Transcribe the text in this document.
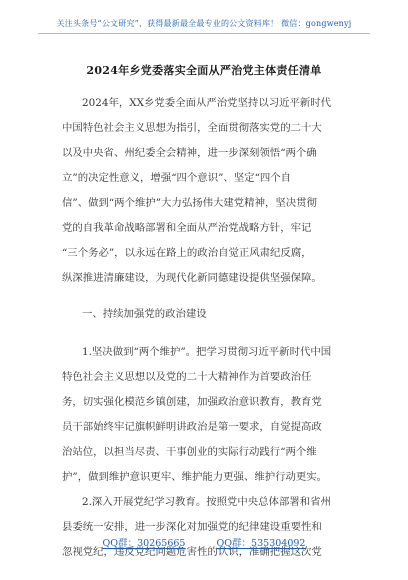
关注头条号“公文研究”，获得最新最全最专业的公文资料库！ 微信：gongwenyj
2024年乡党委落实全面从严治党主体责任清单
2024年，XX乡党委全面从严治党坚持以习近平新时代
中国特色社会主义思想为指引，全面贯彻落实党的二十大
以及中央省、州纪委全会精神，进一步深刻领悟“两个确
立”的决定性意义，增强“四个意识”、坚定“四个自
信”、做到“两个维护”大力弘扬伟大建党精神，坚决贯彻
党的自我革命战略部署和全面从严治党战略方针，牢记
“三个务必”，以永远在路上的政治自觉正风肃纪反腐，
纵深推进清廉建设，为现代化新同德建设提供坚强保障。
一、持续加强党的政治建设
1.坚决做到“两个维护”。把学习贯彻习近平新时代中国
特色社会主义思想以及党的二十大精神作为首要政治任
务，切实强化模范乡镇创建，加强政治意识教育，教育党
员干部始终牢记旗帜鲜明讲政治是第一要求，自觉提高政
治站位，以担当尽责、干事创业的实际行动践行“两个维
护”，做到维护意识更牢、维护能力更强、维护行动更实。
2.深入开展党纪学习教育。按照党中央总体部署和省州
县委统一安排，进一步深化对加强党的纪律建设重要性和
忽视党纪，违反党纪问题危害性的认识，准确把握这次党
QQ群：30265665	QQ群：535304092
